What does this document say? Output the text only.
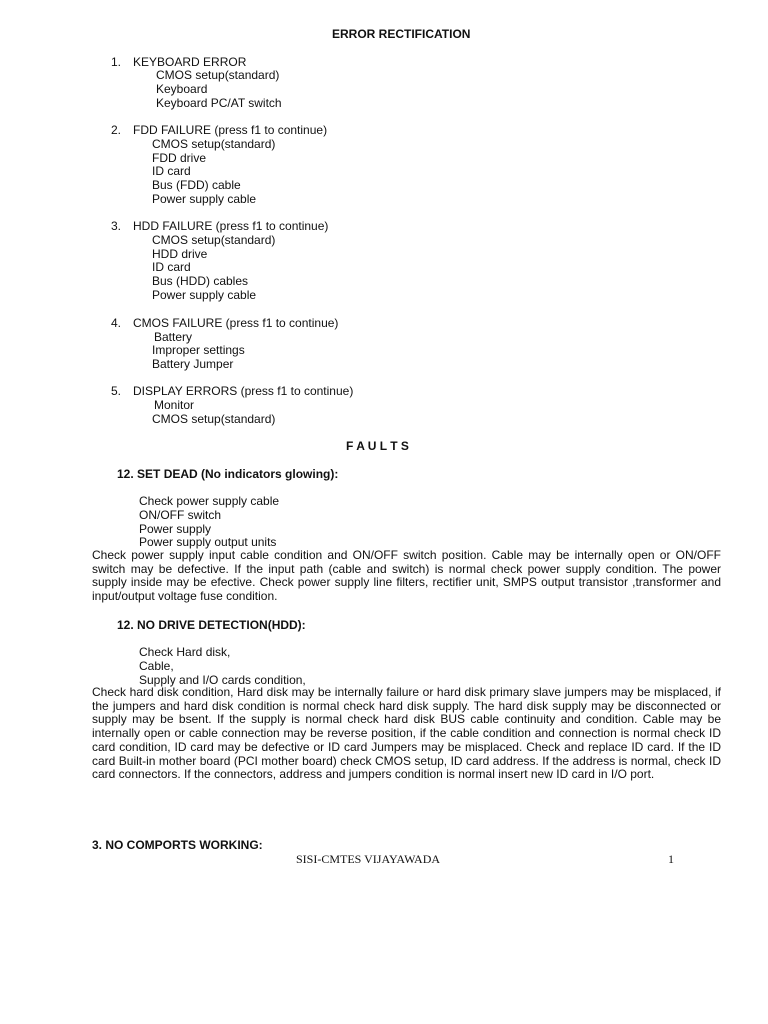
ERROR RECTIFICATION
1. KEYBOARD ERROR
CMOS setup(standard)
Keyboard
Keyboard PC/AT switch
2. FDD FAILURE (press f1 to continue)
CMOS setup(standard)
FDD drive
ID card
Bus (FDD) cable
Power supply cable
3. HDD FAILURE (press f1 to continue)
CMOS setup(standard)
HDD drive
ID card
Bus (HDD) cables
Power supply cable
4. CMOS FAILURE (press f1 to continue)
Battery
Improper settings
Battery Jumper
5. DISPLAY ERRORS (press f1 to continue)
Monitor
CMOS setup(standard)
F A U L T S
12. SET DEAD (No indicators glowing):
Check power supply cable
ON/OFF switch
Power supply
Power supply output units
Check power supply input cable condition and ON/OFF switch position. Cable may be internally open or ON/OFF switch may be defective. If the input path (cable and switch) is normal check power supply condition. The power supply inside may be efective. Check power supply line filters, rectifier unit, SMPS output transistor ,transformer and input/output voltage fuse condition.
12. NO DRIVE DETECTION(HDD):
Check Hard disk,
Cable,
Supply and I/O cards condition,
Check hard disk condition, Hard disk may be internally failure or hard disk primary slave jumpers may be misplaced, if the jumpers and hard disk condition is normal check hard disk supply. The hard disk supply may be disconnected or supply may be bsent. If the supply is normal check hard disk BUS cable continuity and condition. Cable may be internally open or cable connection may be reverse position, if the cable condition and connection is normal check ID card condition, ID card may be defective or ID card Jumpers may be misplaced. Check and replace ID card. If the ID card Built-in mother board (PCI mother board) check CMOS setup, ID card address. If the address is normal, check ID card connectors. If the connectors, address and jumpers condition is normal insert new ID card in I/O port.
3. NO COMPORTS WORKING:
SISI-CMTES VIJAYAWADA	1
